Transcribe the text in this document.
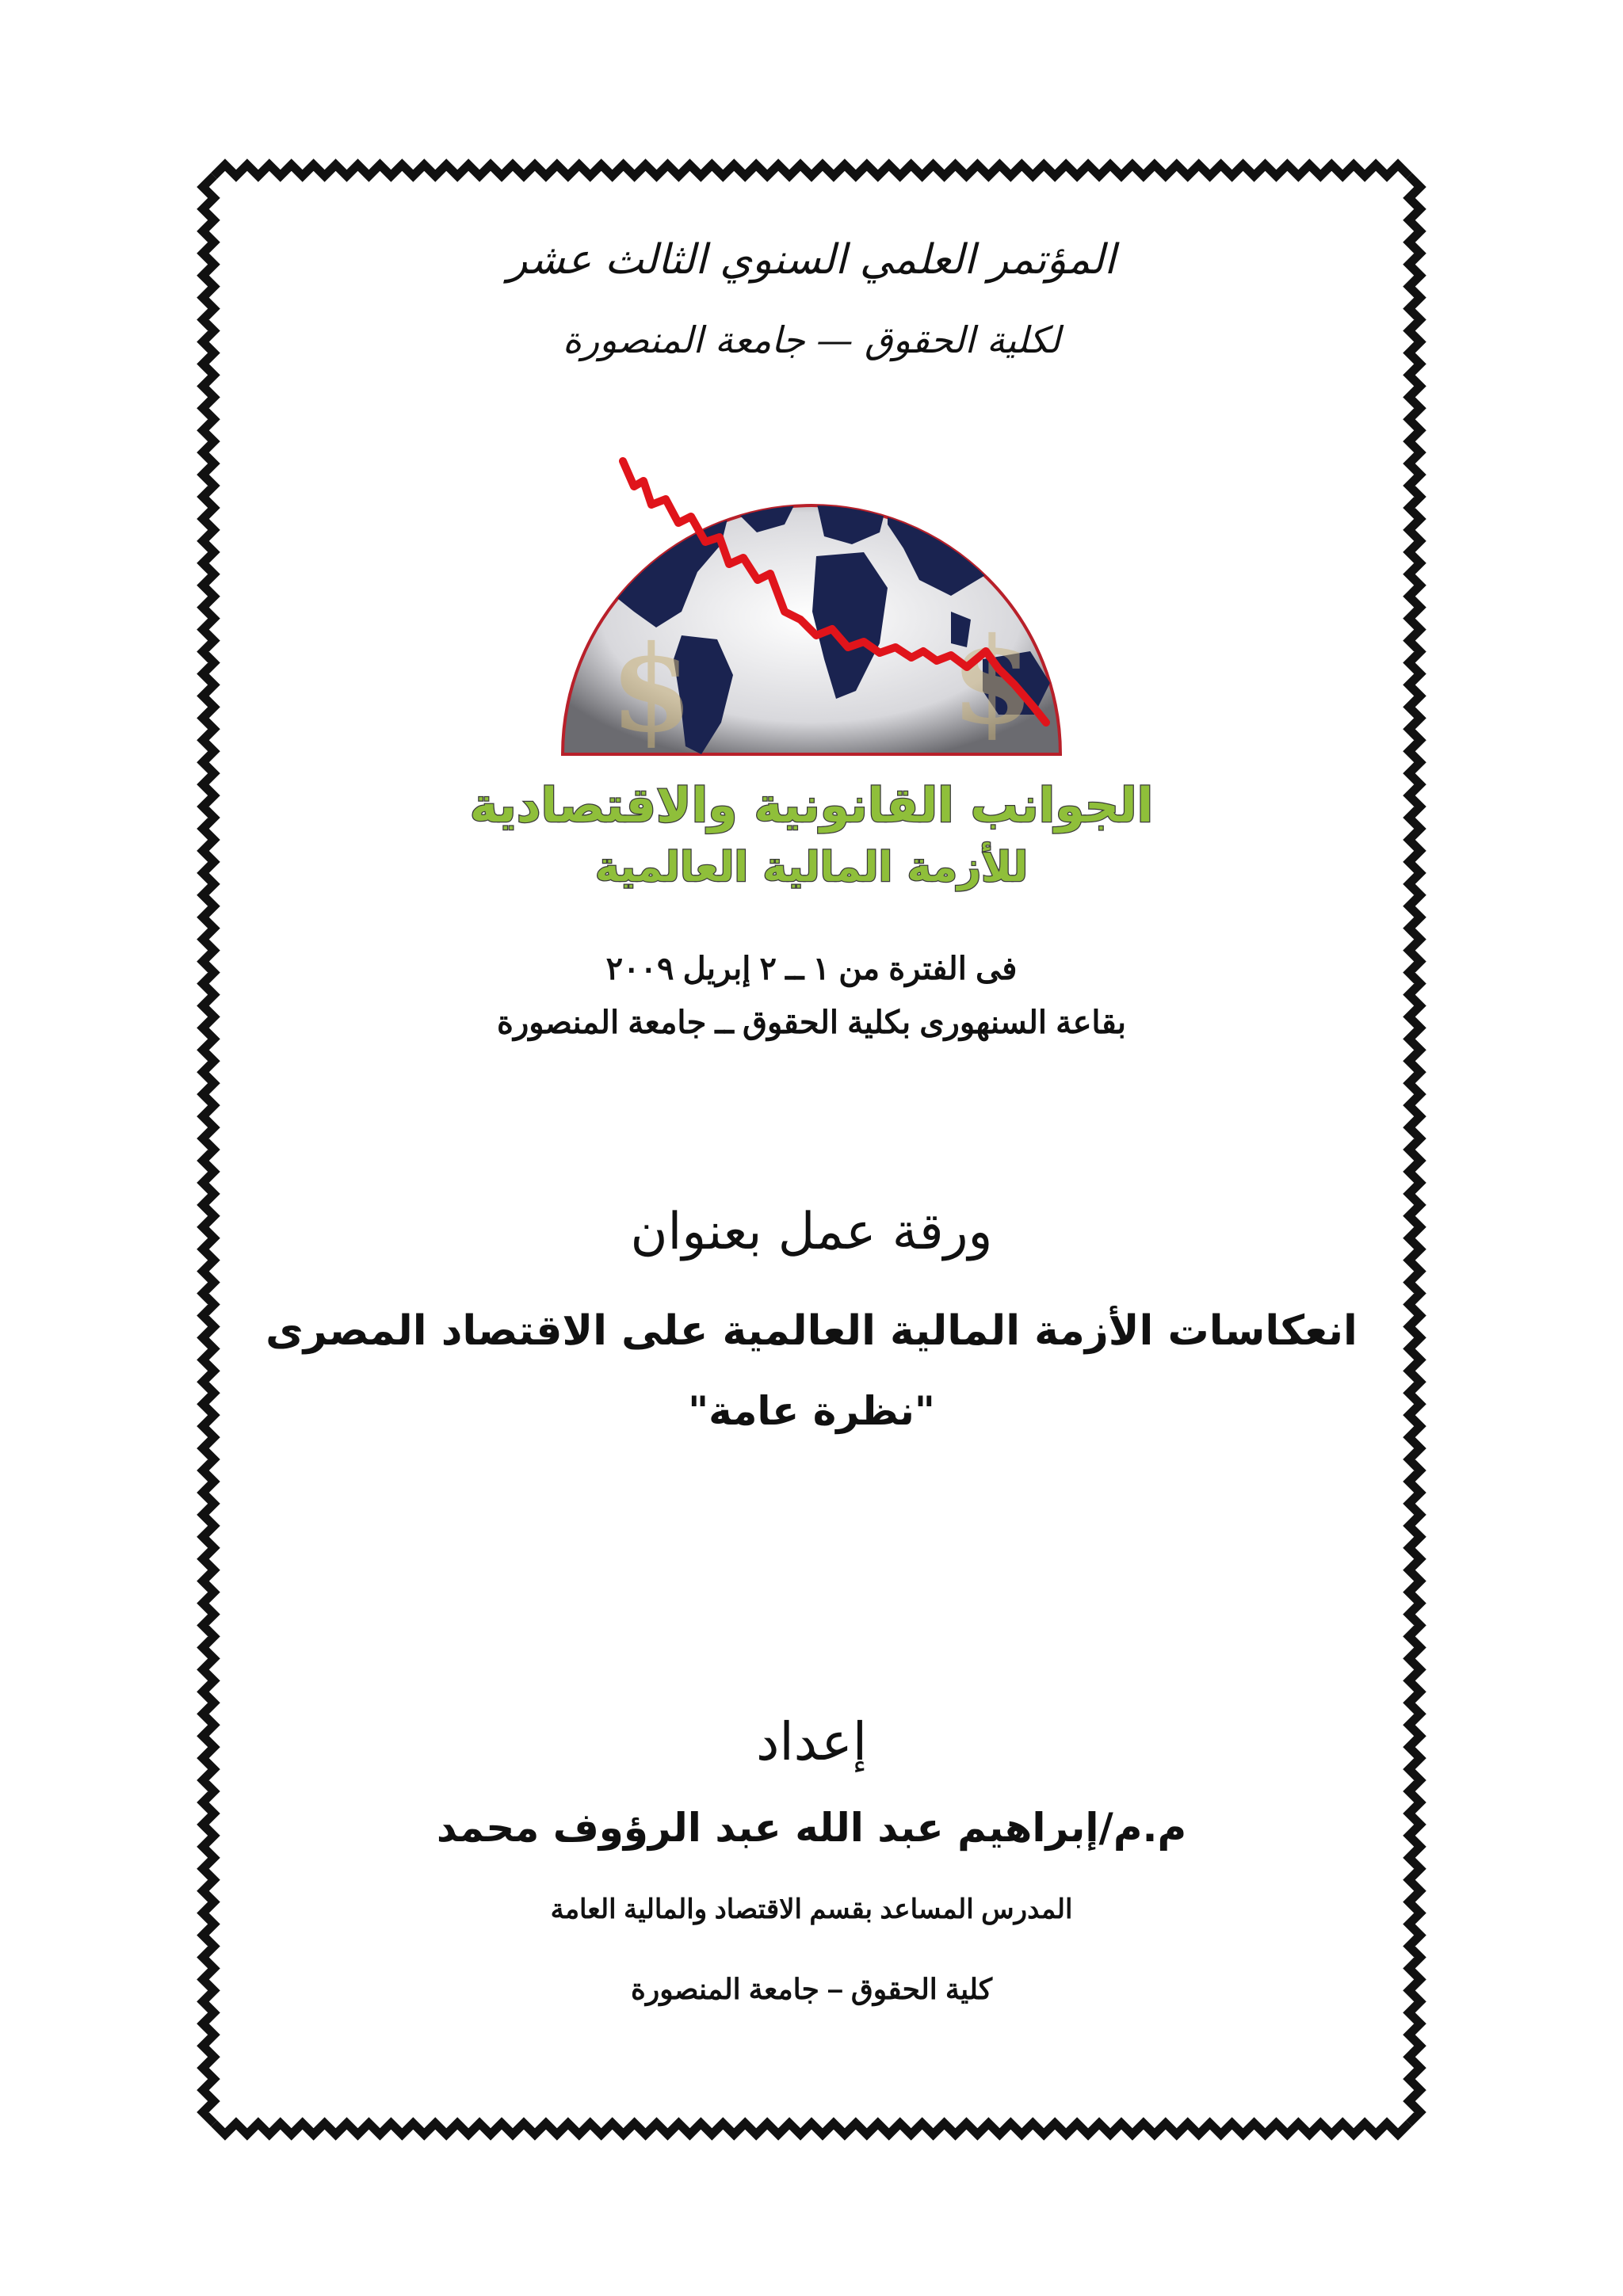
المؤتمر العلمي السنوي الثالث عشر
لكلية الحقوق — جامعة المنصورة
$ $
الجوانب القانونية والاقتصادية
للأزمة المالية العالمية
فى الفترة من ١ ــ ٢ إبريل ٢٠٠٩
بقاعة السنهورى بكلية الحقوق ــ جامعة المنصورة
ورقة عمل بعنوان
انعكاسات الأزمة المالية العالمية على الاقتصاد المصرى
"نظرة عامة"
إعداد
م.م/إبراهيم عبد الله عبد الرؤوف محمد
المدرس المساعد بقسم الاقتصاد والمالية العامة
كلية الحقوق – جامعة المنصورة
